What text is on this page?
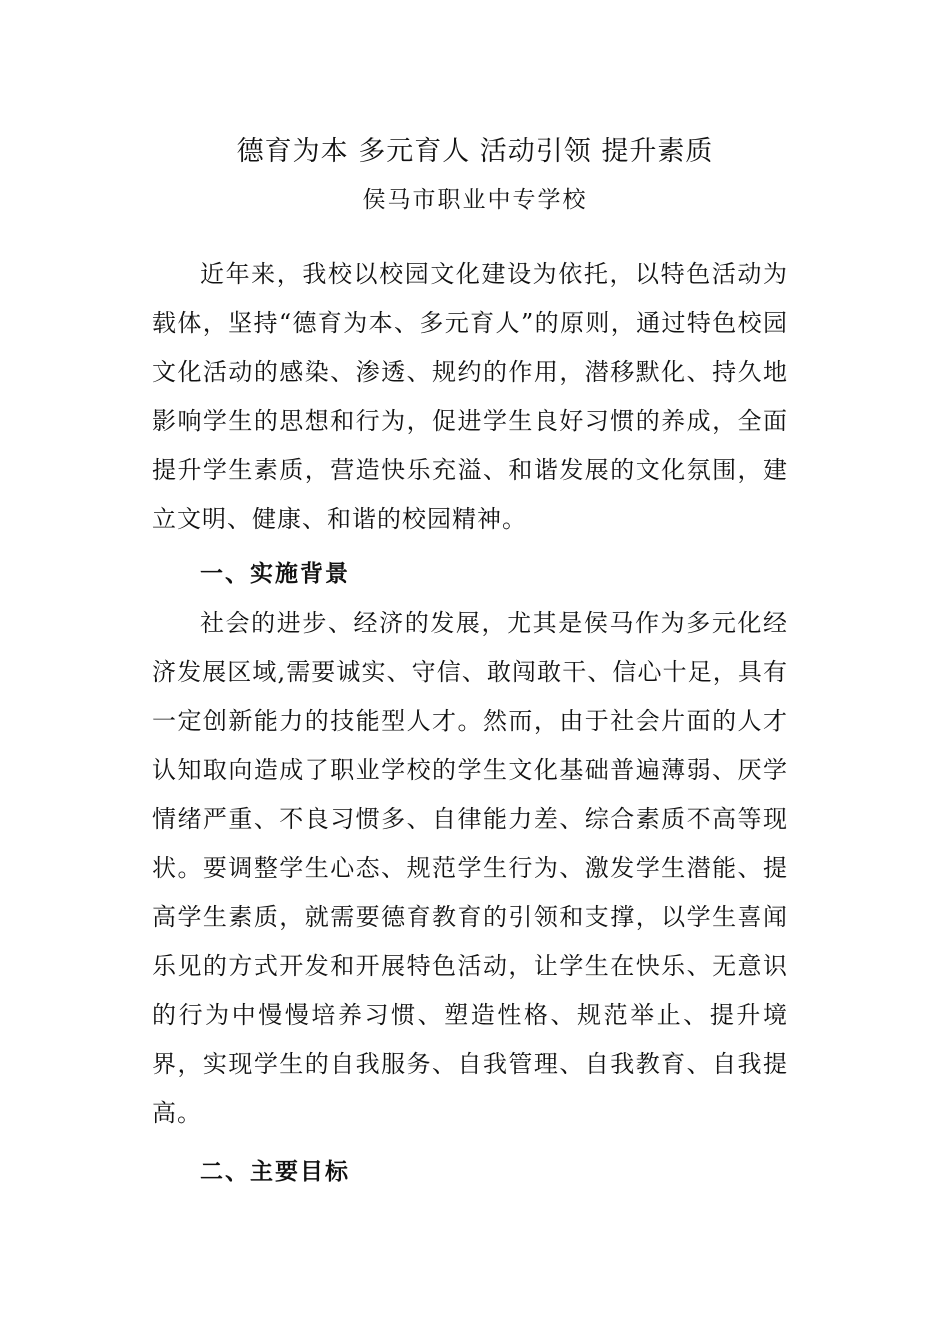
德育为本 多元育人 活动引领 提升素质

侯马市职业中专学校

近年来，我校以校园文化建设为依托，以特色活动为载体，坚持“德育为本、多元育人”的原则，通过特色校园文化活动的感染、渗透、规约的作用，潜移默化、持久地影响学生的思想和行为，促进学生良好习惯的养成，全面提升学生素质，营造快乐充溢、和谐发展的文化氛围，建立文明、健康、和谐的校园精神。

一、实施背景

社会的进步、经济的发展，尤其是侯马作为多元化经济发展区域,需要诚实、守信、敢闯敢干、信心十足，具有一定创新能力的技能型人才。然而，由于社会片面的人才认知取向造成了职业学校的学生文化基础普遍薄弱、厌学情绪严重、不良习惯多、自律能力差、综合素质不高等现状。要调整学生心态、规范学生行为、激发学生潜能、提高学生素质，就需要德育教育的引领和支撑，以学生喜闻乐见的方式开发和开展特色活动，让学生在快乐、无意识的行为中慢慢培养习惯、塑造性格、规范举止、提升境界，实现学生的自我服务、自我管理、自我教育、自我提高。

二、主要目标
